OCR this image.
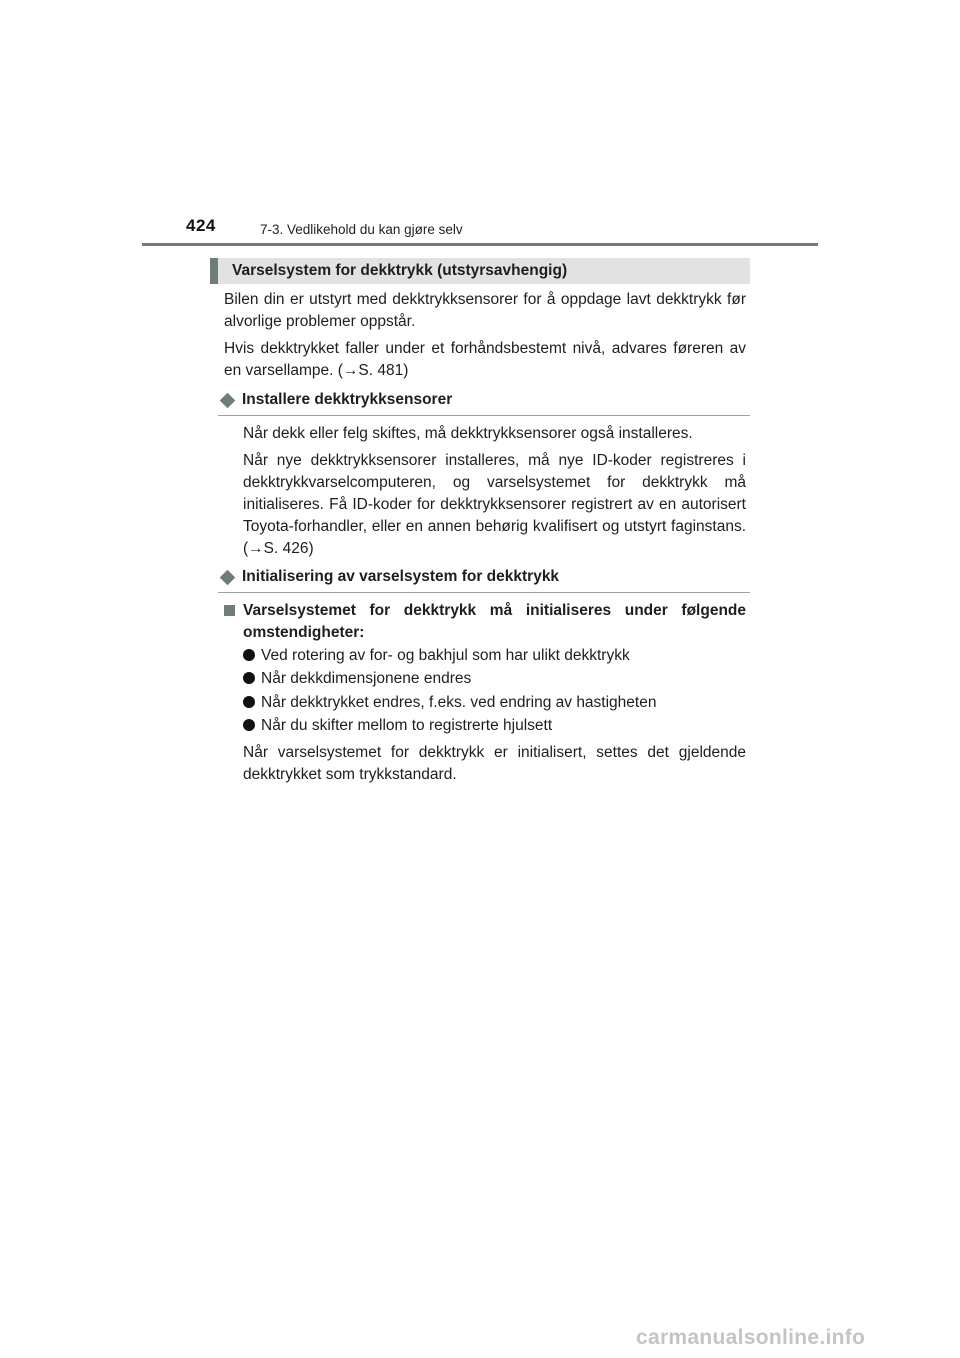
424	7-3. Vedlikehold du kan gjøre selv
Varselsystem for dekktrykk (utstyrsavhengig)

Bilen din er utstyrt med dekktrykksensorer for å oppdage lavt dekktrykk før alvorlige problemer oppstår.

Hvis dekktrykket faller under et forhåndsbestemt nivå, advares føreren av en varsellampe. (→S. 481)

Installere dekktrykksensorer

Når dekk eller felg skiftes, må dekktrykksensorer også installeres.

Når nye dekktrykksensorer installeres, må nye ID-koder registreres i dekktrykkvarselcomputeren, og varselsystemet for dekktrykk må initialiseres. Få ID-koder for dekktrykksensorer registrert av en autorisert Toyota-forhandler, eller en annen behørig kvalifisert og utstyrt faginstans. (→S. 426)

Initialisering av varselsystem for dekktrykk

Varselsystemet for dekktrykk må initialiseres under følgende omstendigheter:

Ved rotering av for- og bakhjul som har ulikt dekktrykk
Når dekkdimensjonene endres
Når dekktrykket endres, f.eks. ved endring av hastigheten
Når du skifter mellom to registrerte hjulsett

Når varselsystemet for dekktrykk er initialisert, settes det gjeldende dekktrykket som trykkstandard.

carmanualsonline.info
